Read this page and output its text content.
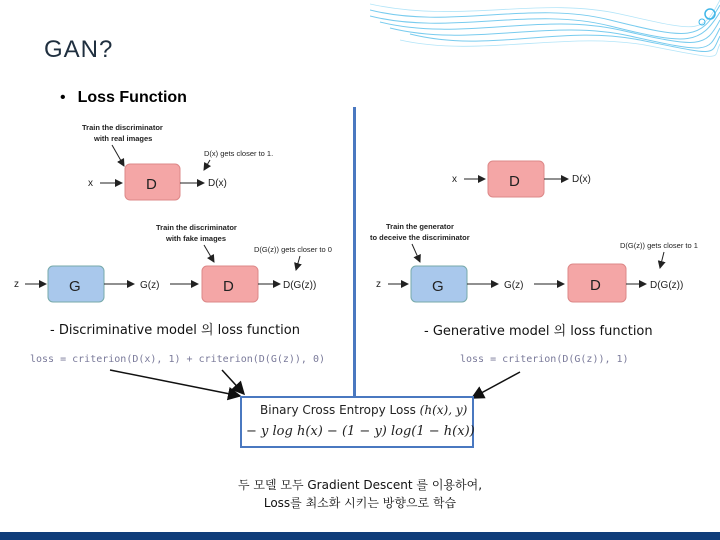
GAN?
• Loss Function
Train the discriminator
with real images
D(x) gets closer to 1.
x	D	D(x)
Train the discriminator
with fake images
D(G(z)) gets closer to 0
z	G	G(z)	D	D(G(z))
x	D	D(x)
Train the generator
to deceive the discriminator
D(G(z)) gets closer to 1
z	G	G(z)	D	D(G(z))
- Discriminative model 의 loss function	- Generative model 의 loss function
loss = criterion(D(x), 1) + criterion(D(G(z)), 0)	loss = criterion(D(G(z)), 1)
Binary Cross Entropy Loss (h(x), y)
− y log h(x) − (1 − y) log(1 − h(x))
두 모델 모두 Gradient Descent 를 이용하여,
Loss를 최소화 시키는 방향으로 학습
